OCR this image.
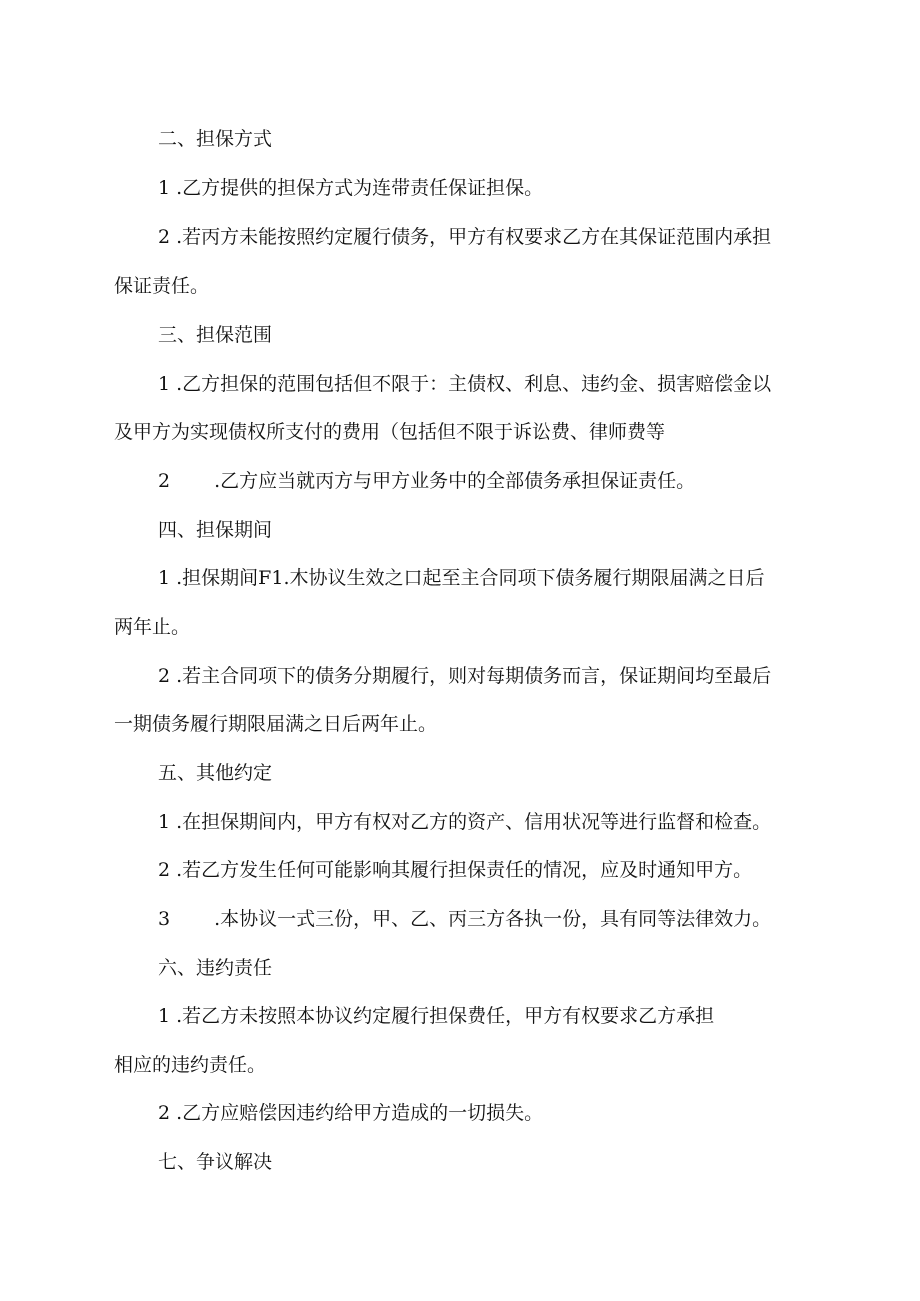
二、担保方式

1 .乙方提供的担保方式为连带责任保证担保。

2 .若丙方未能按照约定履行债务，甲方有权要求乙方在其保证范围内承担

保证责任。

三、担保范围

1 .乙方担保的范围包括但不限于：主债权、利息、违约金、损害赔偿金以

及甲方为实现债权所支付的费用（包括但不限于诉讼费、律师费等

2 .乙方应当就丙方与甲方业务中的全部债务承担保证责任。

四、担保期间

1 .担保期间F1.木协议生效之口起至主合同项下债务履行期限届满之日后

两年止。

2 .若主合同项下的债务分期履行，则对每期债务而言，保证期间均至最后

一期债务履行期限届满之日后两年止。

五、其他约定

1 .在担保期间内，甲方有权对乙方的资产、信用状况等进行监督和检查。

2 .若乙方发生任何可能影响其履行担保责任的情况，应及时通知甲方。

3 .本协议一式三份，甲、乙、丙三方各执一份，具有同等法律效力。

六、违约责任

1 .若乙方未按照本协议约定履行担保费任，甲方有权要求乙方承担

相应的违约责任。

2 .乙方应赔偿因违约给甲方造成的一切损失。

七、争议解决
